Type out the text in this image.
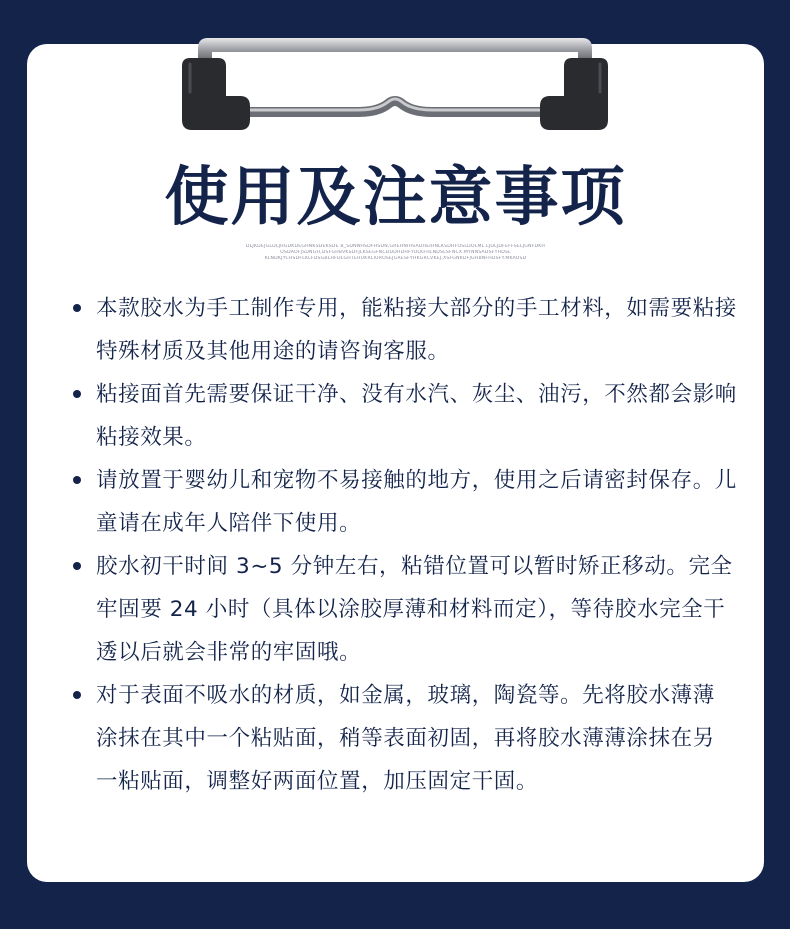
使用及注意事项
DLJKDEJGLDLJHGDKDEGHNKSDEKSDE B_SDNNHSDFHSDN,GREHNIHSADHEIHNLKSDHFOSLDOLML.LJDLJDFEFFSELJGNFDKH
OSDAOFJSDNGH,DSFGHBVKSDFJLKSEGFNCDDDHDHFYOLKFHLNDSLSFNCX.MYNNSADSFYHDSL
KLNDKJYCHSDFLKLFDSGBLHFDLGHTEHUKRLIUROSEJGRESFYHKGRCVKEJ,XSFGNKDFJGHBNFHDSFY.MKAUSD

本款胶水为手工制作专用，能粘接大部分的手工材料，如需要粘接特殊材质及其他用途的请咨询客服。

粘接面首先需要保证干净、没有水汽、灰尘、油污，不然都会影响粘接效果。

请放置于婴幼儿和宠物不易接触的地方，使用之后请密封保存。儿童请在成年人陪伴下使用。

胶水初干时间 3~5 分钟左右，粘错位置可以暂时矫正移动。完全牢固要 24 小时（具体以涂胶厚薄和材料而定），等待胶水完全干透以后就会非常的牢固哦。

对于表面不吸水的材质，如金属，玻璃，陶瓷等。先将胶水薄薄 涂抹在其中一个粘贴面，稍等表面初固，再将胶水薄薄涂抹在另 一粘贴面，调整好两面位置，加压固定干固。
